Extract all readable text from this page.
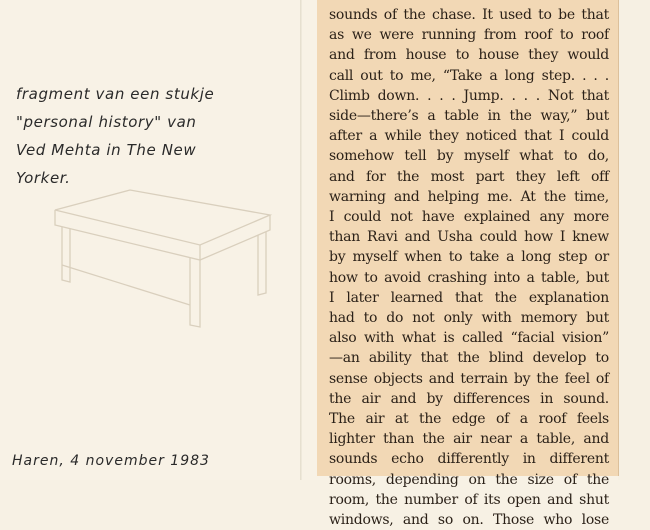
fragment van een stukje
"personal history" van
Ved Mehta in The New
Yorker.
Haren, 4 november 1983
sounds of the chase. It used to be that
as we were running from roof to roof
and from house to house they would
call out to me, “Take a long step. . . .
Climb down. . . . Jump. . . . Not that
side—there’s a table in the way,” but
after a while they noticed that I could
somehow tell by myself what to do,
and for the most part they left off
warning and helping me. At the time,
I could not have explained any more
than Ravi and Usha could how I knew
by myself when to take a long step or
how to avoid crashing into a table, but
I later learned that the explanation
had to do not only with memory but
also with what is called “facial vision”
—an ability that the blind develop to
sense objects and terrain by the feel of
the air and by differences in sound.
The air at the edge of a roof feels
lighter than the air near a table, and
sounds echo differently in different
rooms, depending on the size of the
room, the number of its open and shut
windows, and so on. Those who lose
